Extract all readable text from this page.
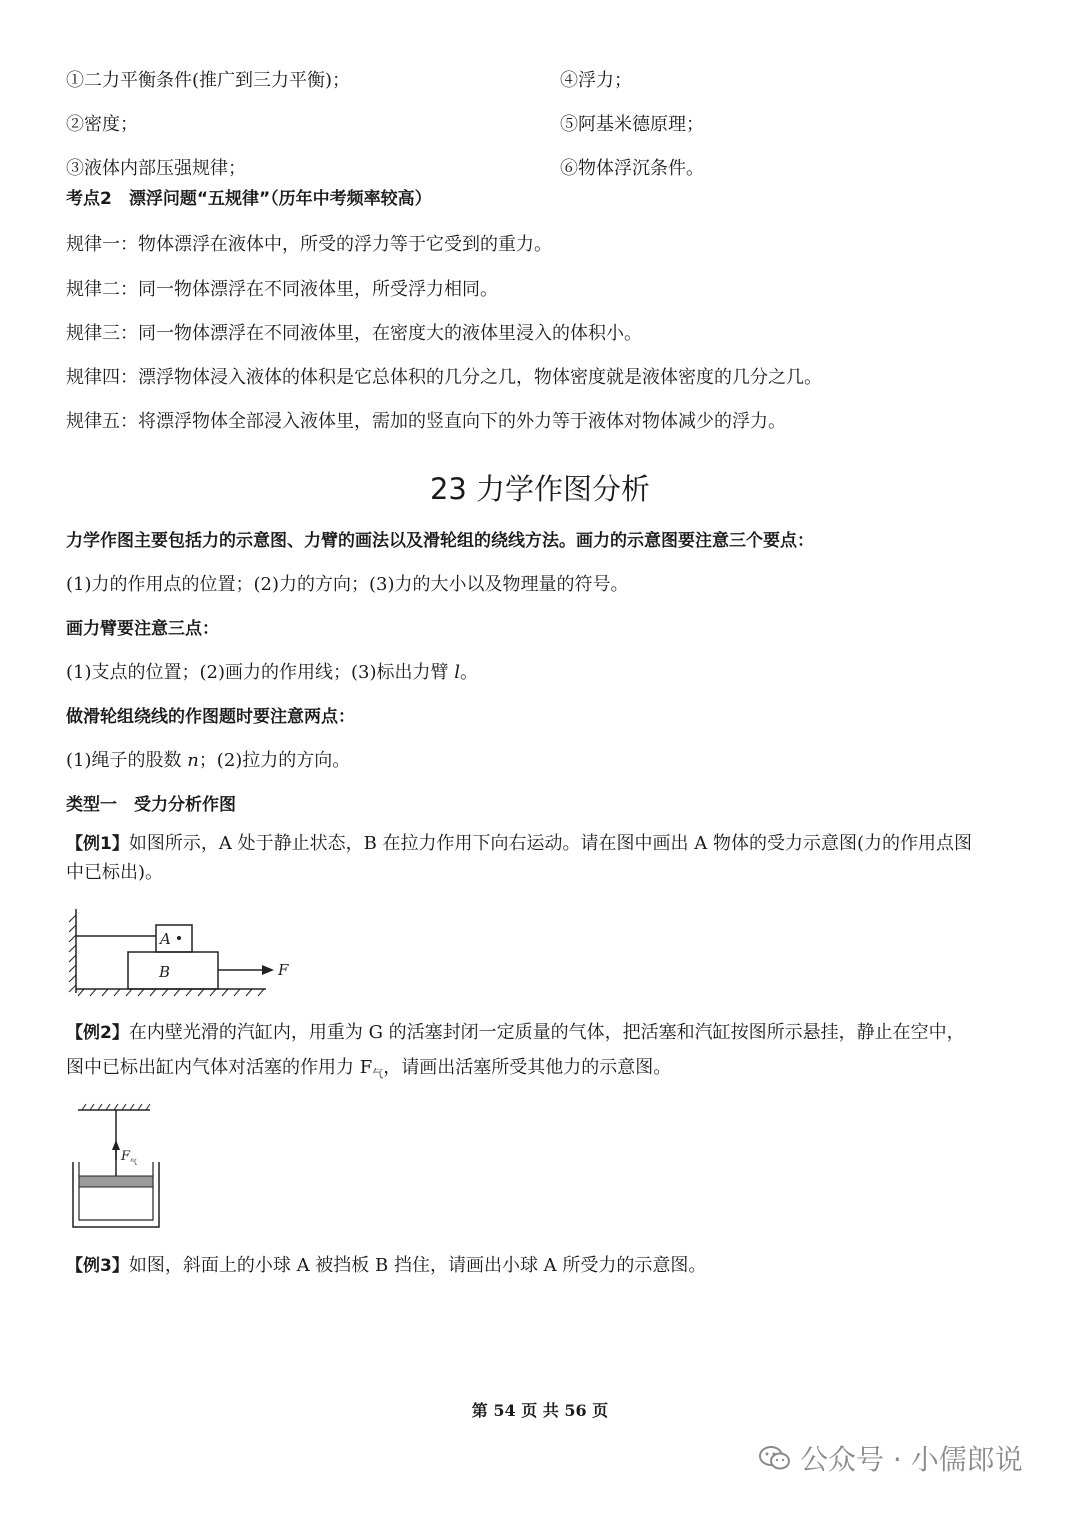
①二力平衡条件(推广到三力平衡)；	④浮力；
②密度；	⑤阿基米德原理；
③液体内部压强规律；	⑥物体浮沉条件。
考点2　漂浮问题“五规律”（历年中考频率较高）
规律一：物体漂浮在液体中，所受的浮力等于它受到的重力。
规律二：同一物体漂浮在不同液体里，所受浮力相同。
规律三：同一物体漂浮在不同液体里，在密度大的液体里浸入的体积小。
规律四：漂浮物体浸入液体的体积是它总体积的几分之几，物体密度就是液体密度的几分之几。
规律五：将漂浮物体全部浸入液体里，需加的竖直向下的外力等于液体对物体减少的浮力。
23 力学作图分析
力学作图主要包括力的示意图、力臂的画法以及滑轮组的绕线方法。画力的示意图要注意三个要点：
(1)力的作用点的位置；(2)力的方向；(3)力的大小以及物理量的符号。
画力臂要注意三点：
(1)支点的位置；(2)画力的作用线；(3)标出力臂 l。
做滑轮组绕线的作图题时要注意两点：
(1)绳子的股数 n；(2)拉力的方向。
类型一　受力分析作图
【例1】如图所示，A 处于静止状态，B 在拉力作用下向右运动。请在图中画出 A 物体的受力示意图(力的作用点图
中已标出)。
A
B	F
【例2】在内壁光滑的汽缸内，用重为 G 的活塞封闭一定质量的气体，把活塞和汽缸按图所示悬挂，静止在空中，
图中已标出缸内气体对活塞的作用力 $F_气$，请画出活塞所受其他力的示意图。
F 气
【例3】如图，斜面上的小球 A 被挡板 B 挡住，请画出小球 A 所受力的示意图。
第 54 页 共 56 页
公众号 · 小儒郎说
